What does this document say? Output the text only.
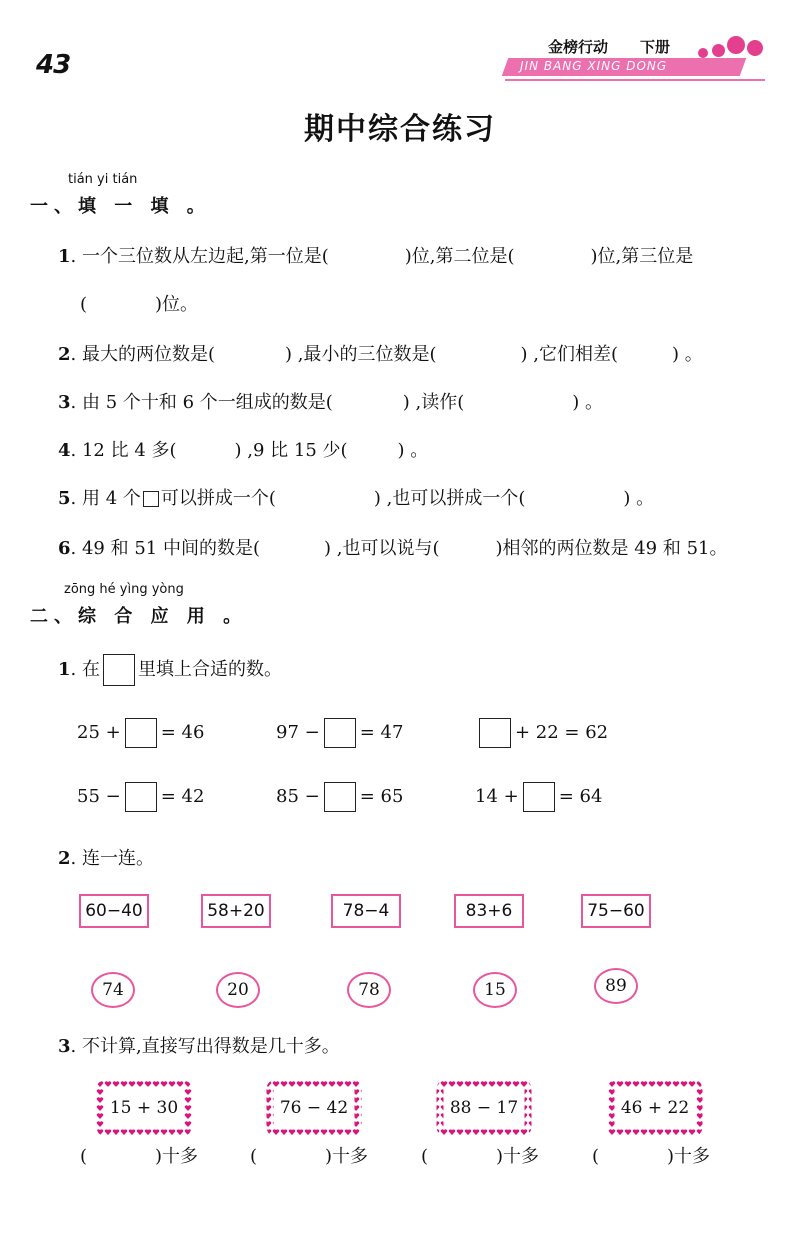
43
金榜行动 下册
JIN BANG XING DONG
期中综合练习
tián yi tián
一、填 一 填 。
1. 一个三位数从左边起,第一位是(	)位,第二位是(	)位,第三位是
(	)位。
2. 最大的两位数是(	) ,最小的三位数是(	) ,它们相差(	) 。
3. 由 5 个十和 6 个一组成的数是(	) ,读作(	) 。
4. 12 比 4 多(	) ,9 比 15 少(	) 。
5. 用 4 个 可以拼成一个(	) ,也可以拼成一个(	) 。
6. 49 和 51 中间的数是(	) ,也可以说与(	)相邻的两位数是 49 和 51。
zōng hé yìng yòng
二、综 合 应 用 。
1. 在 里填上合适的数。
25 + = 46	97 − = 47	+ 22 = 62
55 − = 42	85 − = 65	14 + = 64
2. 连一连。
60−40	58+20	78−4	83+6	75−60
74	20	78	15	89
3. 不计算,直接写出得数是几十多。
15 + 30	76 − 42	88 − 17	46 + 22
(	)十多	(	)十多	(	)十多	(	)十多
